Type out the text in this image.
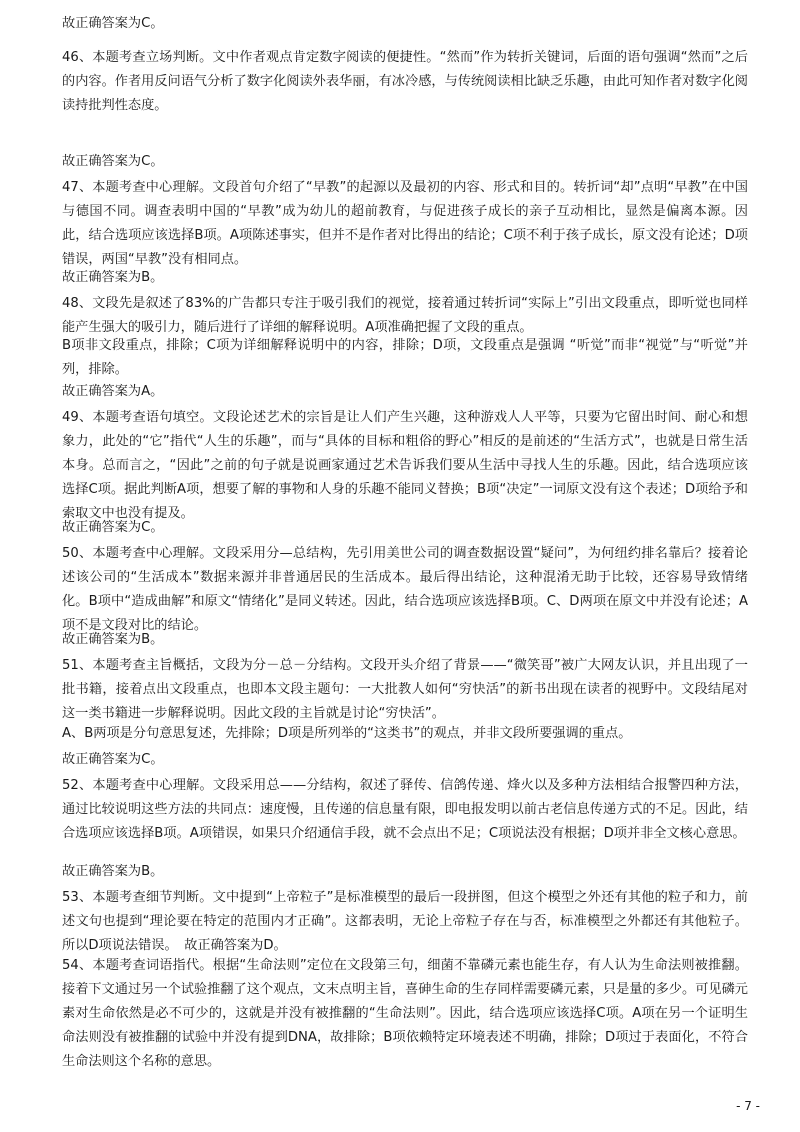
故正确答案为C。

46、本题考查立场判断。文中作者观点肯定数字阅读的便捷性。“然而”作为转折关键词，后面的语句强调“然而”之后的内容。作者用反问语气分析了数字化阅读外表华丽，有冰冷感，与传统阅读相比缺乏乐趣，由此可知作者对数字化阅读持批判性态度。

故正确答案为C。

47、本题考查中心理解。文段首句介绍了“早教”的起源以及最初的内容、形式和目的。转折词“却”点明“早教”在中国与德国不同。调查表明中国的“早教”成为幼儿的超前教育，与促进孩子成长的亲子互动相比，显然是偏离本源。因此，结合选项应该选择B项。A项陈述事实，但并不是作者对比得出的结论；C项不利于孩子成长，原文没有论述；D项错误，两国“早教”没有相同点。

故正确答案为B。

48、文段先是叙述了83%的广告都只专注于吸引我们的视觉，接着通过转折词“实际上”引出文段重点，即听觉也同样能产生强大的吸引力，随后进行了详细的解释说明。A项准确把握了文段的重点。

B项非文段重点，排除；C项为详细解释说明中的内容，排除；D项，文段重点是强调 “听觉”而非“视觉”与“听觉”并列，排除。

故正确答案为A。

49、本题考查语句填空。文段论述艺术的宗旨是让人们产生兴趣，这种游戏人人平等，只要为它留出时间、耐心和想象力，此处的“它”指代“人生的乐趣”，而与“具体的目标和粗俗的野心”相反的是前述的“生活方式”，也就是日常生活本身。总而言之，“因此”之前的句子就是说画家通过艺术告诉我们要从生活中寻找人生的乐趣。因此，结合选项应该选择C项。据此判断A项，想要了解的事物和人身的乐趣不能同义替换；B项“决定”一词原文没有这个表述；D项给予和索取文中也没有提及。

故正确答案为C。

50、本题考查中心理解。文段采用分—总结构，先引用美世公司的调查数据设置“疑问”，为何纽约排名靠后？接着论述该公司的“生活成本”数据来源并非普通居民的生活成本。最后得出结论，这种混淆无助于比较，还容易导致情绪化。B项中“造成曲解”和原文“情绪化”是同义转述。因此，结合选项应该选择B项。C、D两项在原文中并没有论述；A项不是文段对比的结论。

故正确答案为B。

51、本题考查主旨概括，文段为分－总－分结构。文段开头介绍了背景——“微笑哥”被广大网友认识，并且出现了一批书籍，接着点出文段重点，也即本文段主题句：一大批教人如何“穷快活”的新书出现在读者的视野中。文段结尾对这一类书籍进一步解释说明。因此文段的主旨就是讨论“穷快活”。

A、B两项是分句意思复述，先排除；D项是所列举的“这类书”的观点，并非文段所要强调的重点。

故正确答案为C。

52、本题考查中心理解。文段采用总——分结构，叙述了驿传、信鸽传递、烽火以及多种方法相结合报警四种方法，通过比较说明这些方法的共同点：速度慢，且传递的信息量有限，即电报发明以前古老信息传递方式的不足。因此，结合选项应该选择B项。A项错误，如果只介绍通信手段，就不会点出不足；C项说法没有根据；D项并非全文核心意思。

故正确答案为B。

53、本题考查细节判断。文中提到“上帝粒子”是标准模型的最后一段拼图，但这个模型之外还有其他的粒子和力，前述文句也提到“理论要在特定的范围内才正确”。这都表明，无论上帝粒子存在与否，标准模型之外都还有其他粒子。所以D项说法错误。　故正确答案为D。

54、本题考查词语指代。根据“生命法则”定位在文段第三句，细菌不靠磷元素也能生存，有人认为生命法则被推翻。接着下文通过另一个试验推翻了这个观点，文末点明主旨，喜砷生命的生存同样需要磷元素，只是量的多少。可见磷元素对生命依然是必不可少的，这就是并没有被推翻的“生命法则”。因此，结合选项应该选择C项。A项在另一个证明生命法则没有被推翻的试验中并没有提到DNA，故排除；B项依赖特定环境表述不明确，排除；D项过于表面化，不符合生命法则这个名称的意思。

- 7 -
